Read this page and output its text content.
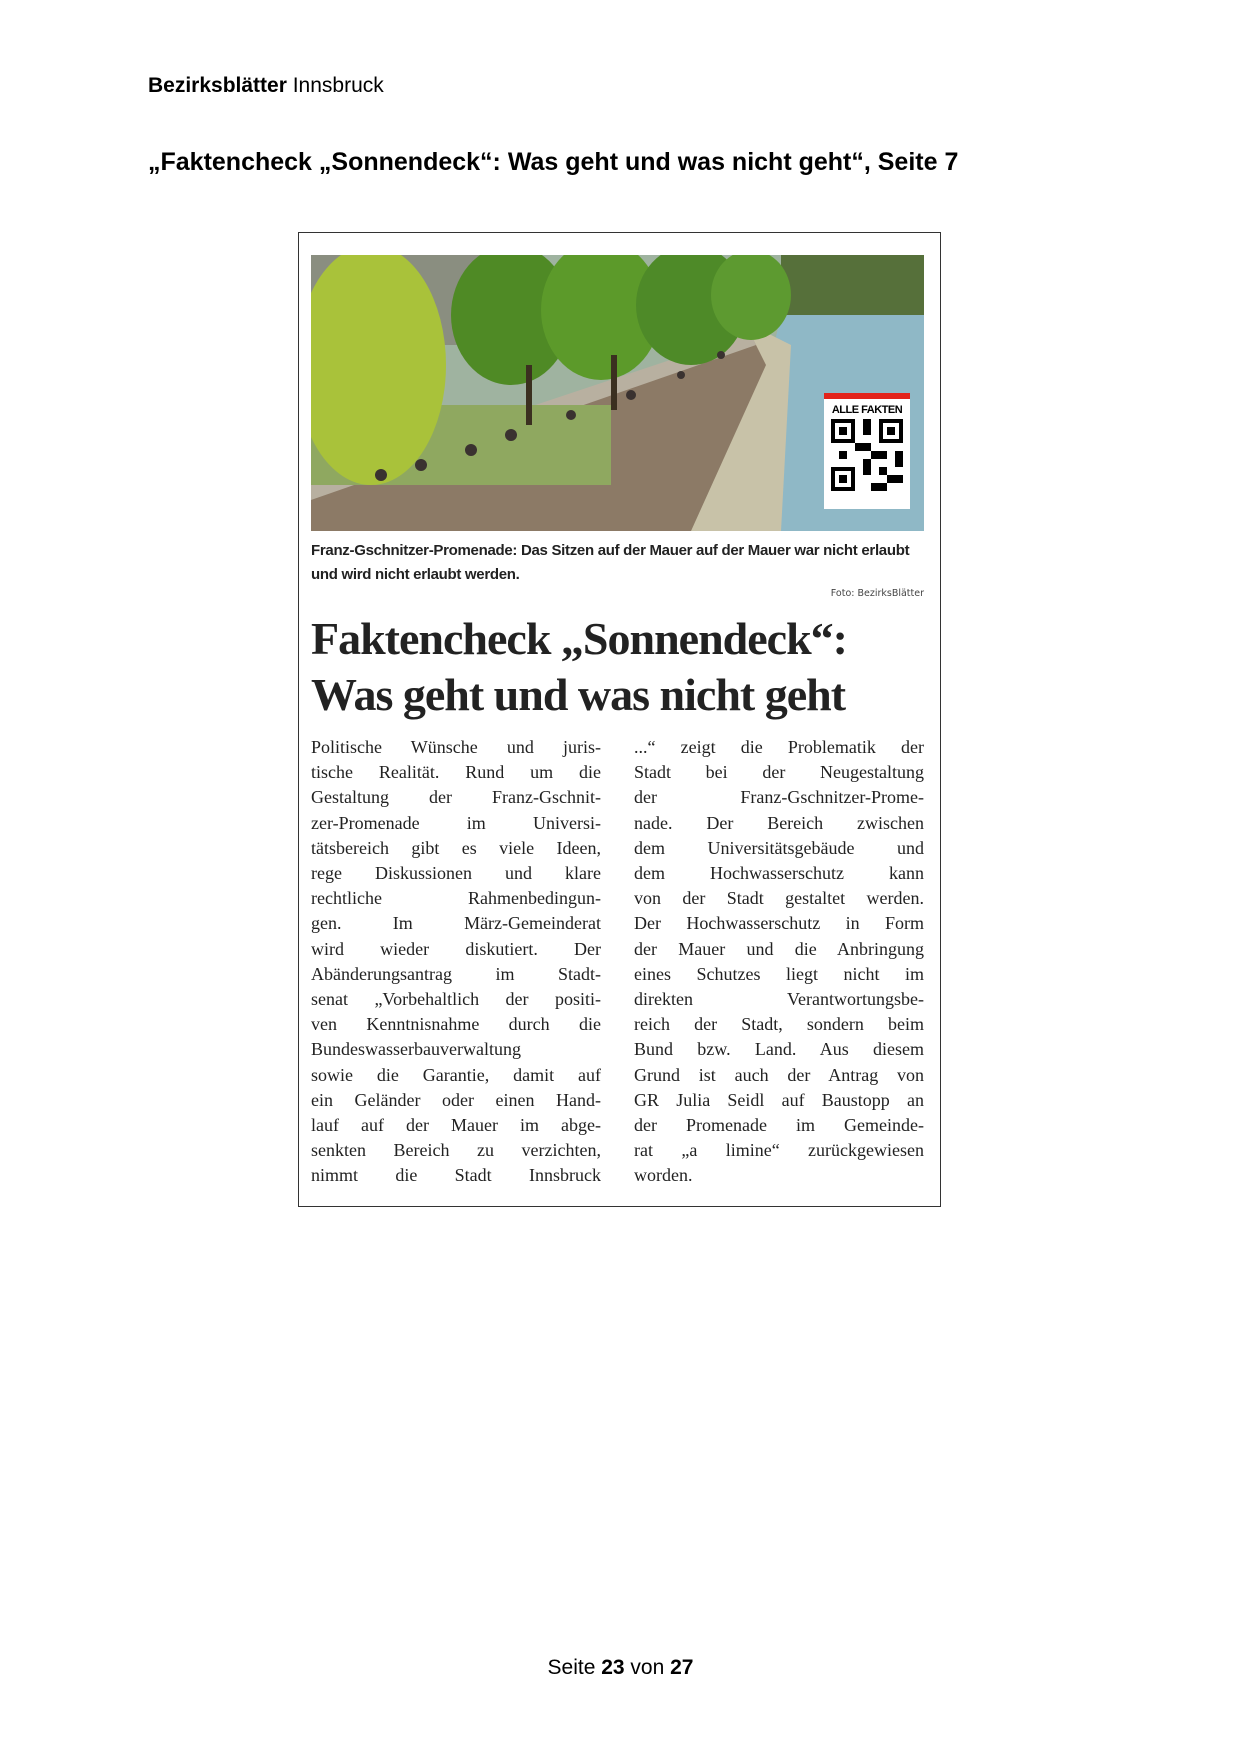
Bezirksblätter Innsbruck
„Faktencheck „Sonnendeck“: Was geht und was nicht geht“, Seite 7
ALLE FAKTEN
Franz-Gschnitzer-Promenade: Das Sitzen auf der Mauer auf der Mauer war nicht erlaubt und wird nicht erlaubt werden.
Foto: BezirksBlätter
Faktencheck „Sonnendeck“:
Was geht und was nicht geht
Politische Wünsche und juris-
tische Realität. Rund um die
Gestaltung der Franz-Gschnit-
zer-Promenade im Universi-
tätsbereich gibt es viele Ideen,
rege Diskussionen und klare
rechtliche Rahmenbedingun-
gen. Im März-Gemeinderat
wird wieder diskutiert. Der
Abänderungsantrag im Stadt-
senat „Vorbehaltlich der positi-
ven Kenntnisnahme durch die
Bundeswasserbauverwaltung
sowie die Garantie, damit auf
ein Geländer oder einen Hand-
lauf auf der Mauer im abge-
senkten Bereich zu verzichten,
nimmt die Stadt Innsbruck
...“ zeigt die Problematik der
Stadt bei der Neugestaltung
der Franz-Gschnitzer-Prome-
nade. Der Bereich zwischen
dem Universitätsgebäude und
dem Hochwasserschutz kann
von der Stadt gestaltet werden.
Der Hochwasserschutz in Form
der Mauer und die Anbringung
eines Schutzes liegt nicht im
direkten Verantwortungsbe-
reich der Stadt, sondern beim
Bund bzw. Land. Aus diesem
Grund ist auch der Antrag von
GR Julia Seidl auf Baustopp an
der Promenade im Gemeinde-
rat „a limine“ zurückgewiesen
worden.
Seite 23 von 27
